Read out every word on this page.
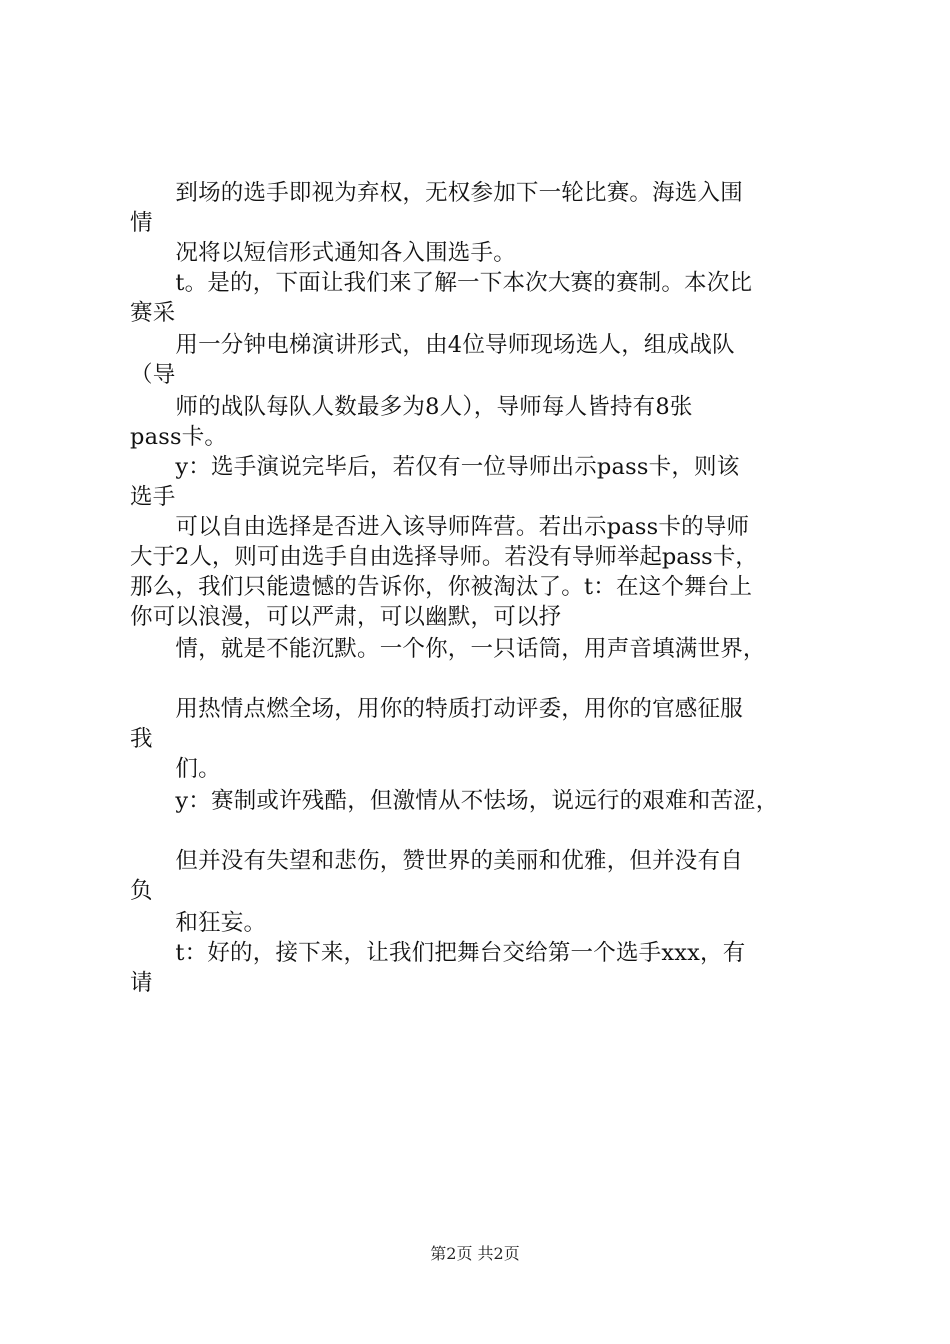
　　到场的选手即视为弃权，无权参加下一轮比赛。海选入围
情
　　况将以短信形式通知各入围选手。
　　t。是的，下面让我们来了解一下本次大赛的赛制。本次比
赛采
　　用一分钟电梯演讲形式，由4位导师现场选人，组成战队
（导
　　师的战队每队人数最多为8人），导师每人皆持有8张
pass卡。
　　y：选手演说完毕后，若仅有一位导师出示pass卡，则该
选手
　　可以自由选择是否进入该导师阵营。若出示pass卡的导师
大于2人，则可由选手自由选择导师。若没有导师举起pass卡，
那么，我们只能遗憾的告诉你，你被淘汰了。t：在这个舞台上
你可以浪漫，可以严肃，可以幽默，可以抒
　　情，就是不能沉默。一个你，一只话筒，用声音填满世界，
　　用热情点燃全场，用你的特质打动评委，用你的官感征服
我
　　们。
　　y：赛制或许残酷，但激情从不怯场，说远行的艰难和苦涩，
　　但并没有失望和悲伤，赞世界的美丽和优雅，但并没有自
负
　　和狂妄。
　　t：好的，接下来，让我们把舞台交给第一个选手xxx，有
请
第2页 共2页
